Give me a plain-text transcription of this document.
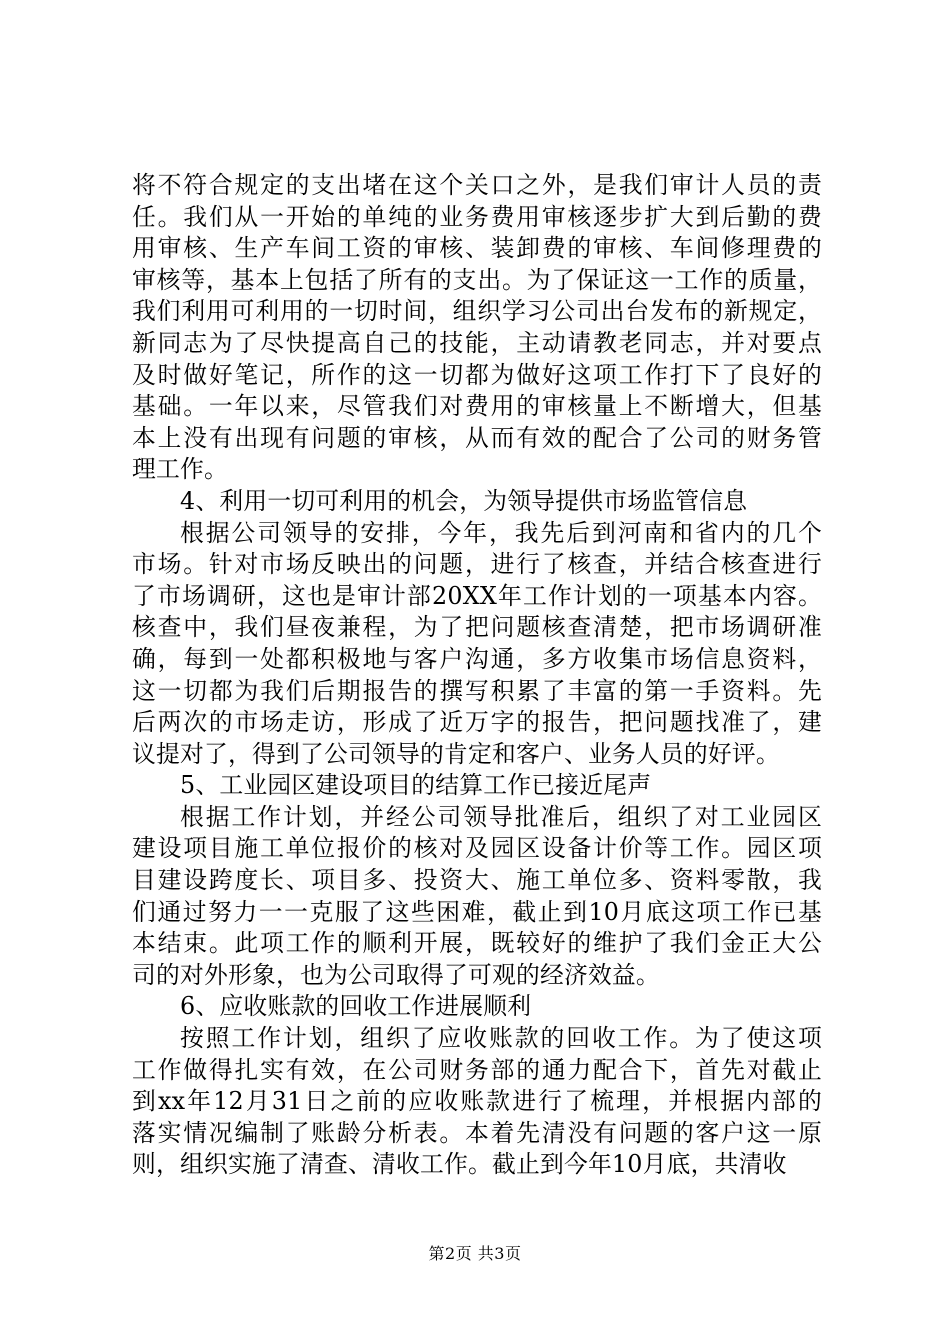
将不符合规定的支出堵在这个关口之外，是我们审计人员的责
任。我们从一开始的单纯的业务费用审核逐步扩大到后勤的费
用审核、生产车间工资的审核、装卸费的审核、车间修理费的
审核等，基本上包括了所有的支出。为了保证这一工作的质量，
我们利用可利用的一切时间，组织学习公司出台发布的新规定，
新同志为了尽快提高自己的技能，主动请教老同志，并对要点
及时做好笔记，所作的这一切都为做好这项工作打下了良好的
基础。一年以来，尽管我们对费用的审核量上不断增大，但基
本上没有出现有问题的审核，从而有效的配合了公司的财务管
理工作。
4、利用一切可利用的机会，为领导提供市场监管信息
根据公司领导的安排，今年，我先后到河南和省内的几个
市场。针对市场反映出的问题，进行了核查，并结合核查进行
了市场调研，这也是审计部20XX年工作计划的一项基本内容。
核查中，我们昼夜兼程，为了把问题核查清楚，把市场调研准
确，每到一处都积极地与客户沟通，多方收集市场信息资料，
这一切都为我们后期报告的撰写积累了丰富的第一手资料。先
后两次的市场走访，形成了近万字的报告，把问题找准了，建
议提对了，得到了公司领导的肯定和客户、业务人员的好评。
5、工业园区建设项目的结算工作已接近尾声
根据工作计划，并经公司领导批准后，组织了对工业园区
建设项目施工单位报价的核对及园区设备计价等工作。园区项
目建设跨度长、项目多、投资大、施工单位多、资料零散，我
们通过努力一一克服了这些困难，截止到10月底这项工作已基
本结束。此项工作的顺利开展，既较好的维护了我们金正大公
司的对外形象，也为公司取得了可观的经济效益。
6、应收账款的回收工作进展顺利
按照工作计划，组织了应收账款的回收工作。为了使这项
工作做得扎实有效，在公司财务部的通力配合下，首先对截止
到xx年12月31日之前的应收账款进行了梳理，并根据内部的
落实情况编制了账龄分析表。本着先清没有问题的客户这一原
则，组织实施了清查、清收工作。截止到今年10月底，共清收
第2页 共3页
